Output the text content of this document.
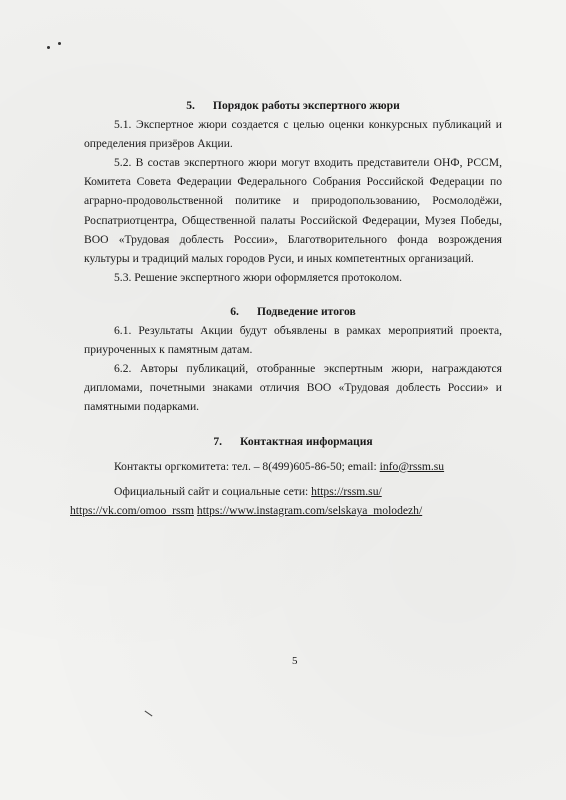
5. Порядок работы экспертного жюри

5.1. Экспертное жюри создается с целью оценки конкурсных публикаций и определения призёров Акции.

5.2. В состав экспертного жюри могут входить представители ОНФ, РССМ, Комитета Совета Федерации Федерального Собрания Российской Федерации по аграрно-продовольственной политике и природопользованию, Росмолодёжи, Роспатриотцентра, Общественной палаты Российской Федерации, Музея Победы, ВОО «Трудовая доблесть России», Благотворительного фонда возрождения культуры и традиций малых городов Руси, и иных компетентных организаций.

5.3. Решение экспертного жюри оформляется протоколом.

6. Подведение итогов

6.1. Результаты Акции будут объявлены в рамках мероприятий проекта, приуроченных к памятным датам.

6.2. Авторы публикаций, отобранные экспертным жюри, награждаются дипломами, почетными знаками отличия ВОО «Трудовая доблесть России» и памятными подарками.

7. Контактная информация

Контакты оргкомитета: тел. – 8(499)605-86-50; email: info@rssm.su

Официальный сайт и социальные сети: https://rssm.su/

https://vk.com/omoo_rssm https://www.instagram.com/selskaya_molodezh/

5
